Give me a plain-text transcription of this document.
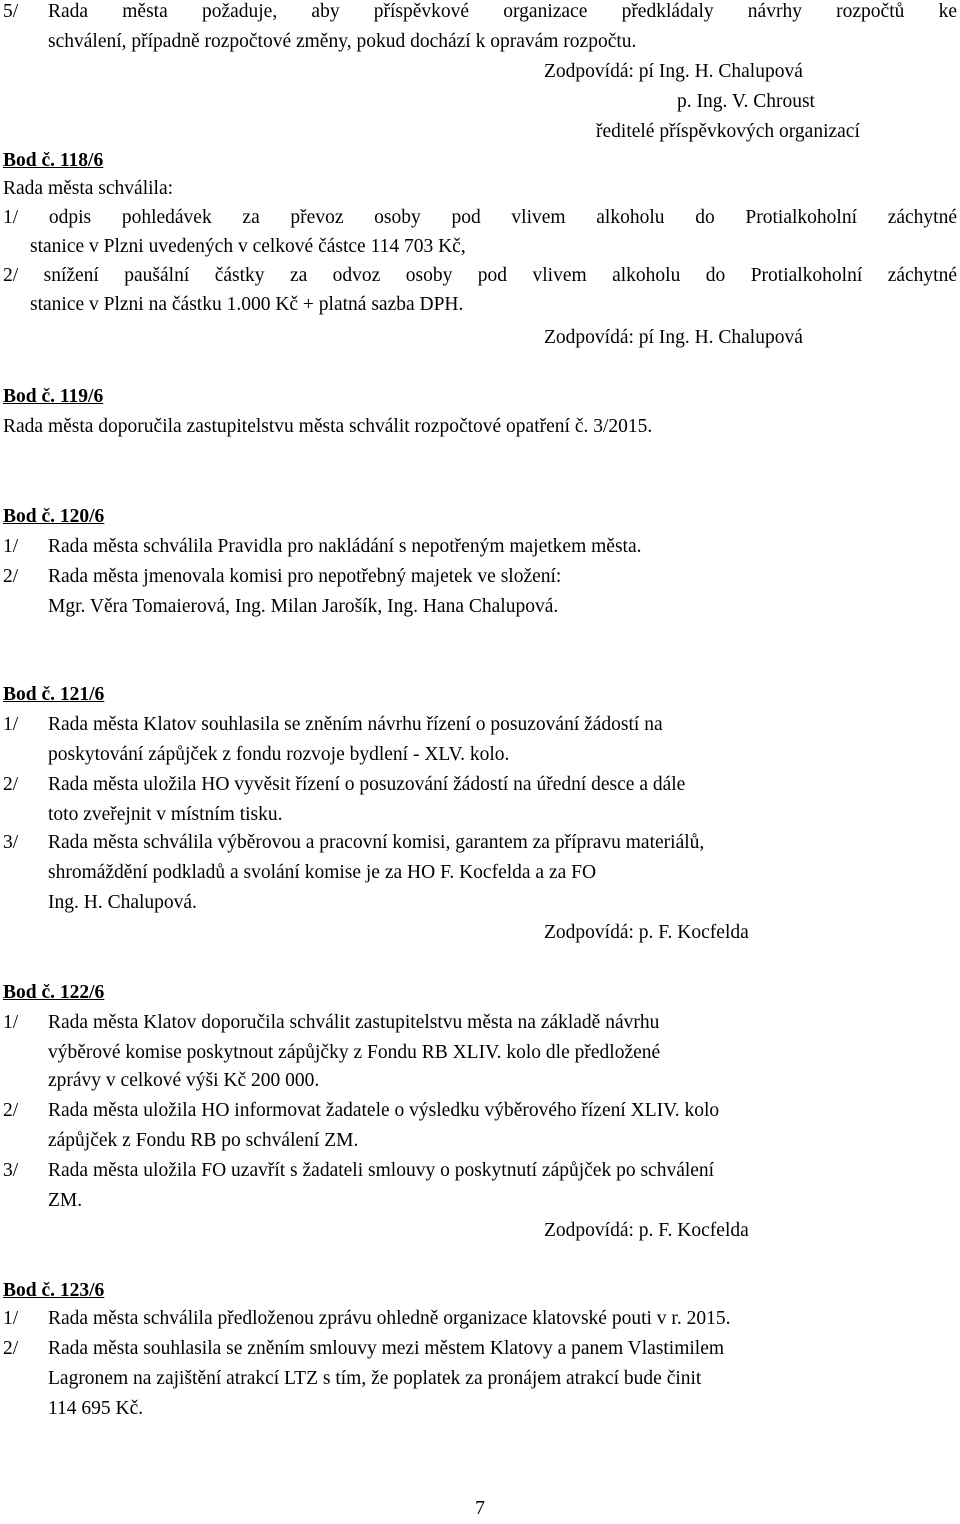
5/ Rada města požaduje, aby příspěvkové organizace předkládaly návrhy rozpočtů ke
schválení, případně rozpočtové změny, pokud dochází k opravám rozpočtu.
Zodpovídá: pí Ing. H. Chalupová
p. Ing. V. Chroust
ředitelé příspěvkových organizací
Bod č. 118/6
Rada města schválila:
1/ odpis pohledávek za převoz osoby pod vlivem alkoholu do Protialkoholní záchytné
stanice v Plzni uvedených v celkové částce 114 703 Kč,
2/ snížení paušální částky za odvoz osoby pod vlivem alkoholu do Protialkoholní záchytné
stanice v Plzni na částku 1.000 Kč + platná sazba DPH.
Zodpovídá: pí Ing. H. Chalupová
Bod č. 119/6
Rada města doporučila zastupitelstvu města schválit rozpočtové opatření č. 3/2015.
Bod č. 120/6
1/ Rada města schválila Pravidla pro nakládání s nepotřeným majetkem města.
2/ Rada města jmenovala komisi pro nepotřebný majetek ve složení:
Mgr. Věra Tomaierová, Ing. Milan Jarošík, Ing. Hana Chalupová.
Bod č. 121/6
1/ Rada města Klatov souhlasila se zněním návrhu řízení o posuzování žádostí na
poskytování zápůjček z fondu rozvoje bydlení - XLV. kolo.
2/ Rada města uložila HO vyvěsit řízení o posuzování žádostí na úřední desce a dále
toto zveřejnit v místním tisku.
3/ Rada města schválila výběrovou a pracovní komisi, garantem za přípravu materiálů,
shromáždění podkladů a svolání komise je za HO F. Kocfelda a za FO
Ing. H. Chalupová.
Zodpovídá: p. F. Kocfelda
Bod č. 122/6
1/ Rada města Klatov doporučila schválit zastupitelstvu města na základě návrhu
výběrové komise poskytnout zápůjčky z Fondu RB XLIV. kolo dle předložené
zprávy v celkové výši Kč 200 000.
2/ Rada města uložila HO informovat žadatele o výsledku výběrového řízení XLIV. kolo
zápůjček z Fondu RB po schválení ZM.
3/ Rada města uložila FO uzavřít s žadateli smlouvy o poskytnutí zápůjček po schválení
ZM.
Zodpovídá: p. F. Kocfelda
Bod č. 123/6
1/ Rada města schválila předloženou zprávu ohledně organizace klatovské pouti v r. 2015.
2/ Rada města souhlasila se zněním smlouvy mezi městem Klatovy a panem Vlastimilem
Lagronem na zajištění atrakcí LTZ s tím, že poplatek za pronájem atrakcí bude činit
114 695 Kč.
7
